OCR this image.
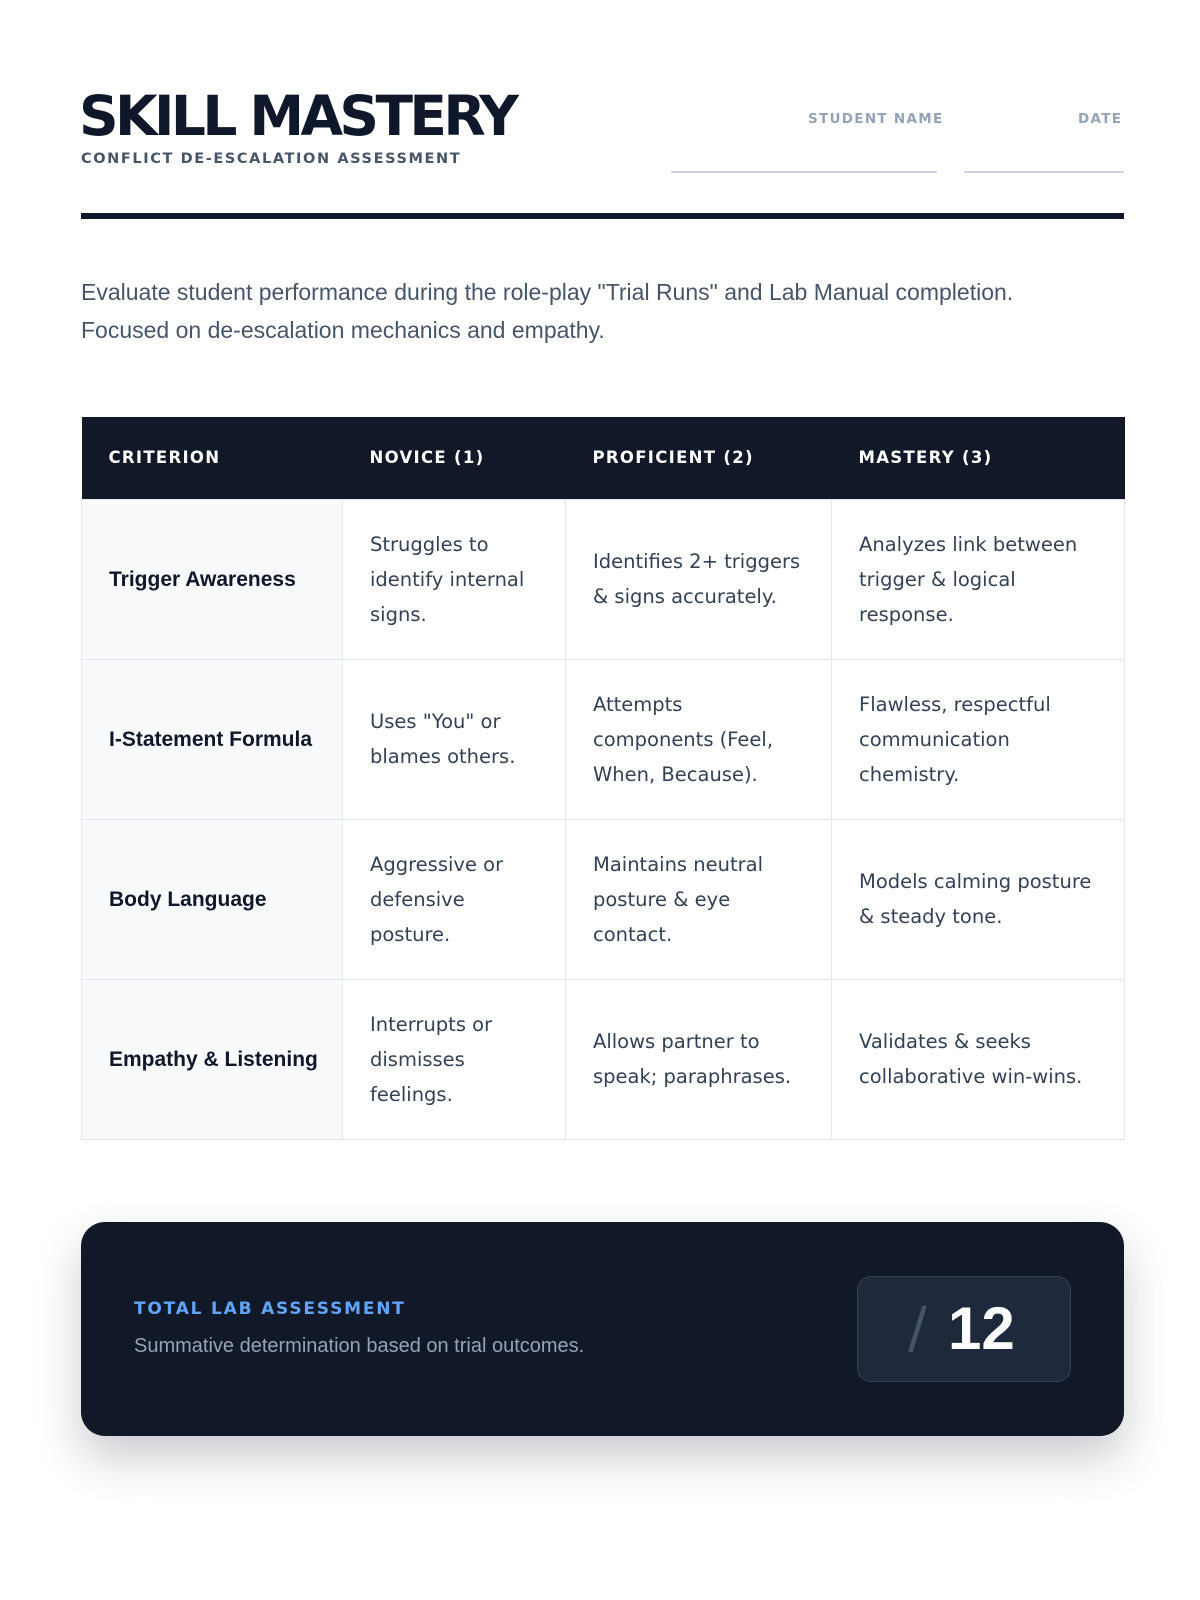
SKILL MASTERY
CONFLICT DE-ESCALATION ASSESSMENT
STUDENT NAME	DATE

Evaluate student performance during the role-play "Trial Runs" and Lab Manual completion. Focused on de-escalation mechanics and empathy.

CRITERION	NOVICE (1)	PROFICIENT (2)	MASTERY (3)
Trigger Awareness	Struggles to identify internal signs.	Identifies 2+ triggers & signs accurately.	Analyzes link between trigger & logical response.
I-Statement Formula	Uses "You" or blames others.	Attempts components (Feel, When, Because).	Flawless, respectful communication chemistry.
Body Language	Aggressive or defensive posture.	Maintains neutral posture & eye contact.	Models calming posture & steady tone.
Empathy & Listening	Interrupts or dismisses feelings.	Allows partner to speak; paraphrases.	Validates & seeks collaborative win-wins.
TOTAL LAB ASSESSMENT
Summative determination based on trial outcomes.	/ 12
